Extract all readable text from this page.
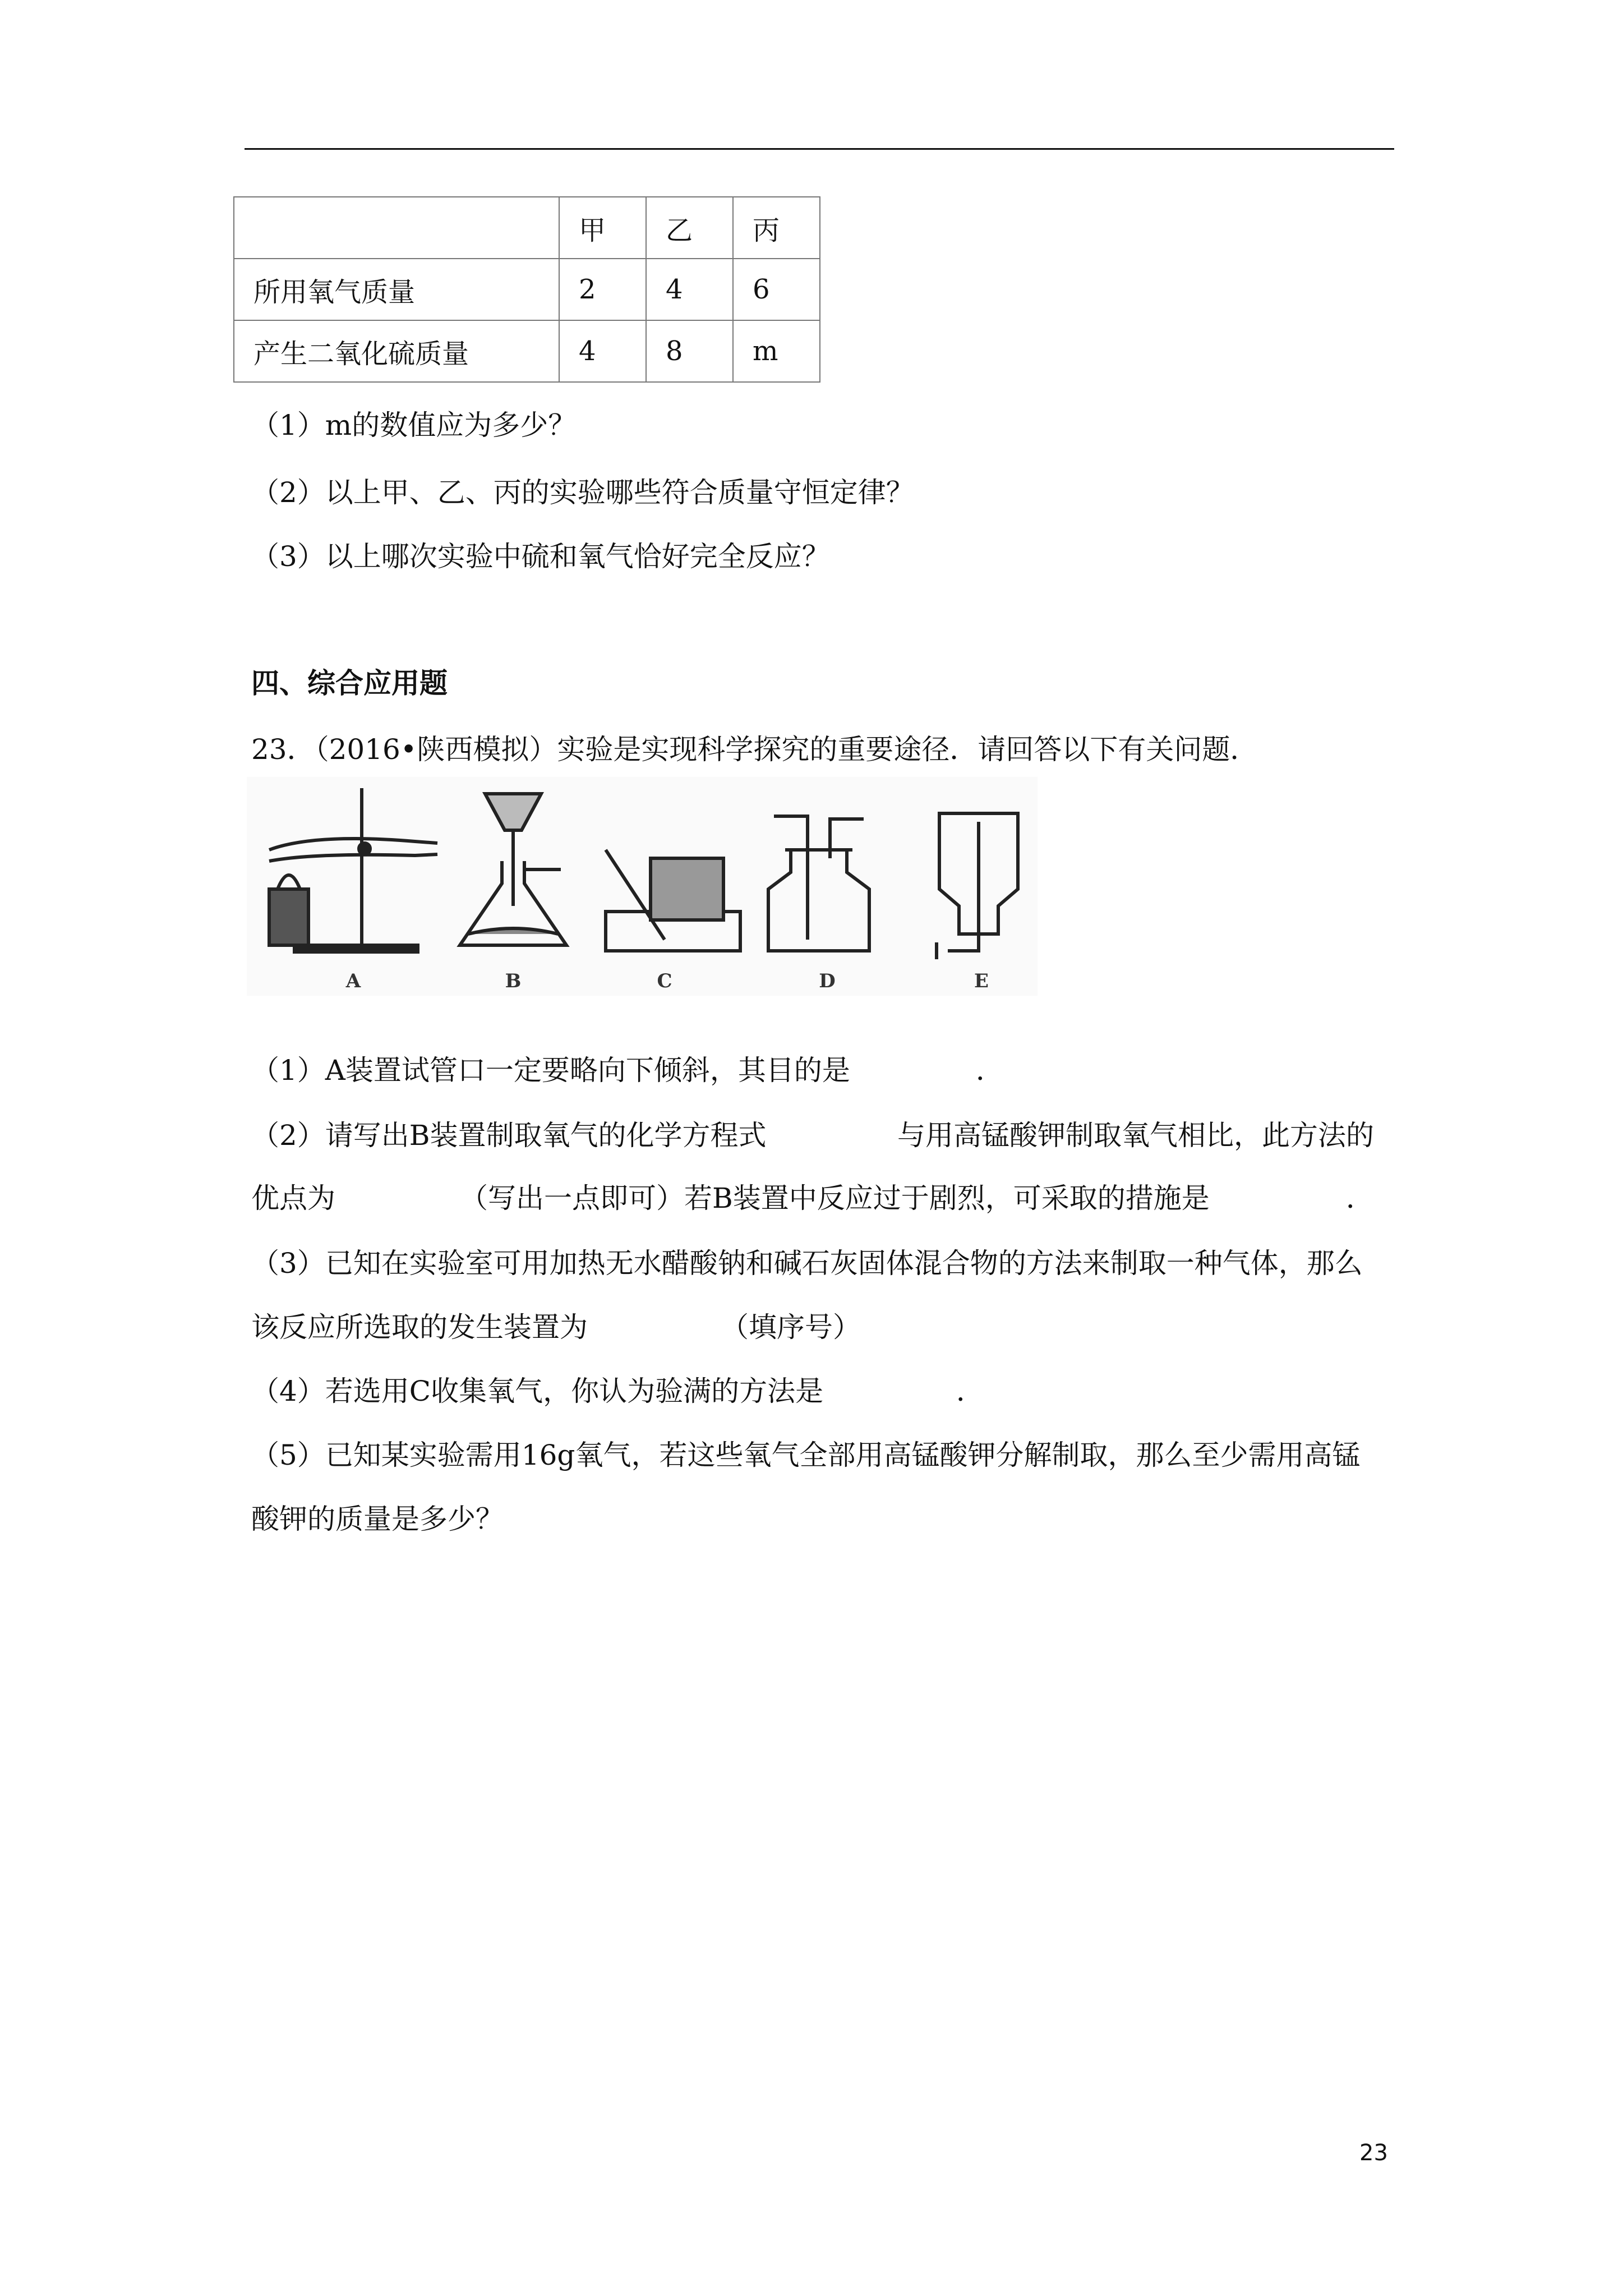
	甲	乙	丙
所用氧气质量	2	4	6
产生二氧化硫质量	4	8	m
（1）m的数值应为多少？
（2）以上甲、乙、丙的实验哪些符合质量守恒定律？
（3）以上哪次实验中硫和氧气恰好完全反应？
四、综合应用题
23．（2016•陕西模拟）实验是实现科学探究的重要途径．请回答以下有关问题．
A	B	C	D	E
（1）A装置试管口一定要略向下倾斜，其目的是	．
（2）请写出B装置制取氧气的化学方程式	与用高锰酸钾制取氧气相比，此方法的
优点为	（写出一点即可）若B装置中反应过于剧烈，可采取的措施是	．
（3）已知在实验室可用加热无水醋酸钠和碱石灰固体混合物的方法来制取一种气体，那么
该反应所选取的发生装置为	（填序号）
（4）若选用C收集氧气，你认为验满的方法是	．
（5）已知某实验需用16g氧气，若这些氧气全部用高锰酸钾分解制取，那么至少需用高锰
酸钾的质量是多少？
23
